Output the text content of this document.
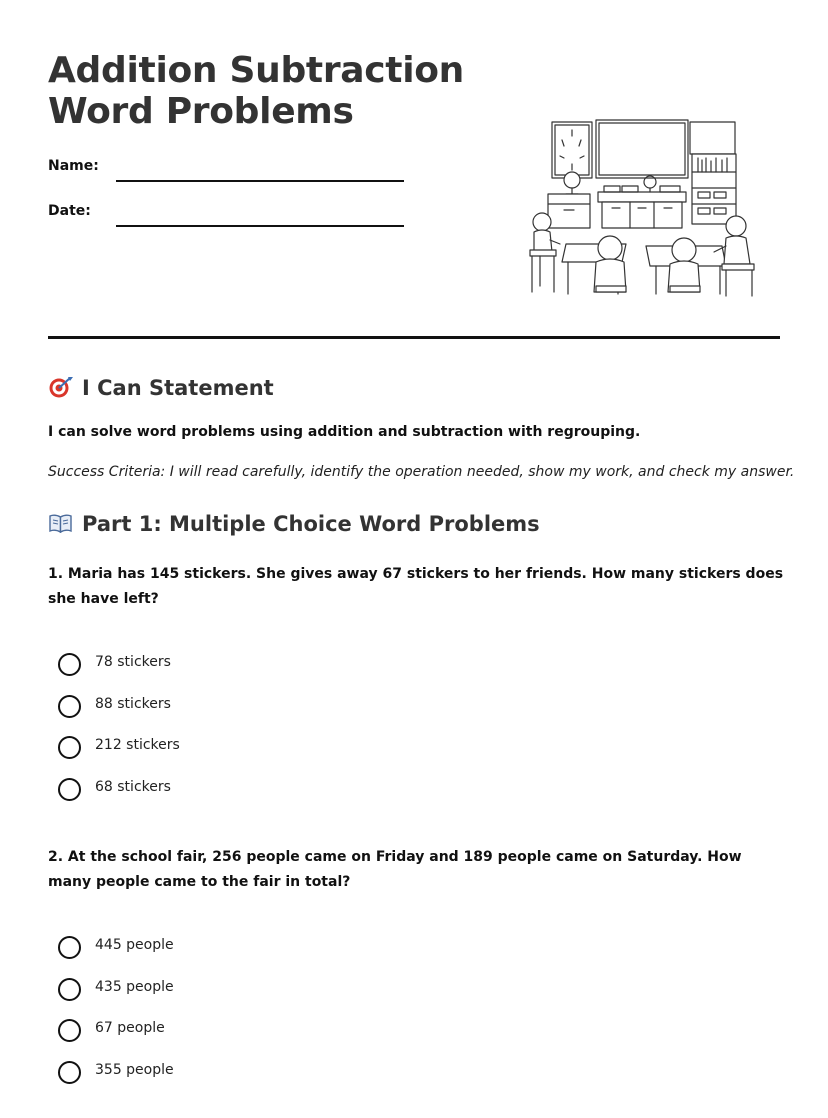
Addition Subtraction
Word Problems
Name:
Date:
I Can Statement
I can solve word problems using addition and subtraction with regrouping.
Success Criteria: I will read carefully, identify the operation needed, show my work, and check my answer.
Part 1: Multiple Choice Word Problems
1. Maria has 145 stickers. She gives away 67 stickers to her friends. How many stickers does she have left?
78 stickers
88 stickers
212 stickers
68 stickers
2. At the school fair, 256 people came on Friday and 189 people came on Saturday. How many people came to the fair in total?
445 people
435 people
67 people
355 people
